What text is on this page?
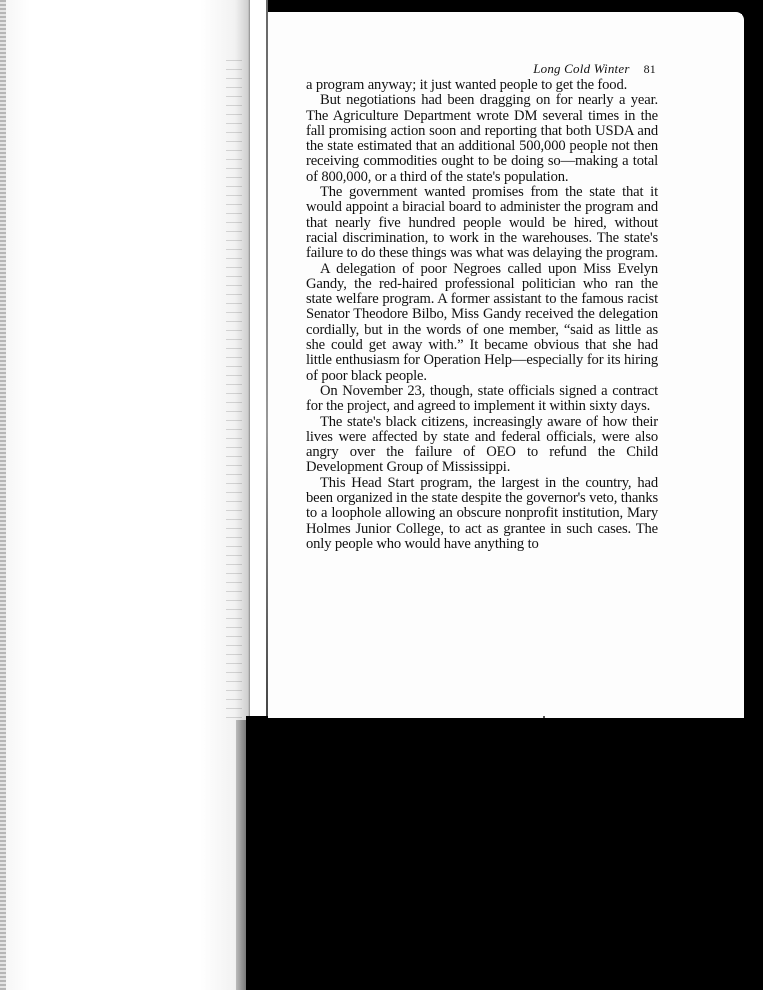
Long Cold Winter 81

a program anyway; it just wanted people to get the food.

But negotiations had been dragging on for nearly a year. The Agriculture Department wrote DM several times in the fall promising action soon and reporting that both USDA and the state estimated that an additional 500,000 people not then receiving commodities ought to be doing so—making a total of 800,000, or a third of the state's population.

The government wanted promises from the state that it would appoint a biracial board to administer the program and that nearly five hundred people would be hired, without racial discrimination, to work in the warehouses. The state's failure to do these things was what was delaying the program.

A delegation of poor Negroes called upon Miss Evelyn Gandy, the red-haired professional politician who ran the state welfare program. A former assistant to the famous racist Senator Theodore Bilbo, Miss Gandy received the delegation cordially, but in the words of one member, “said as little as she could get away with.” It became obvious that she had little enthusiasm for Operation Help—especially for its hiring of poor black people.

On November 23, though, state officials signed a contract for the project, and agreed to implement it within sixty days.

The state's black citizens, increasingly aware of how their lives were affected by state and federal officials, were also angry over the failure of OEO to refund the Child Development Group of Mississippi.

This Head Start program, the largest in the country, had been organized in the state despite the governor's veto, thanks to a loophole allowing an obscure nonprofit institution, Mary Holmes Junior College, to act as grantee in such cases. The only people who would have anything to
